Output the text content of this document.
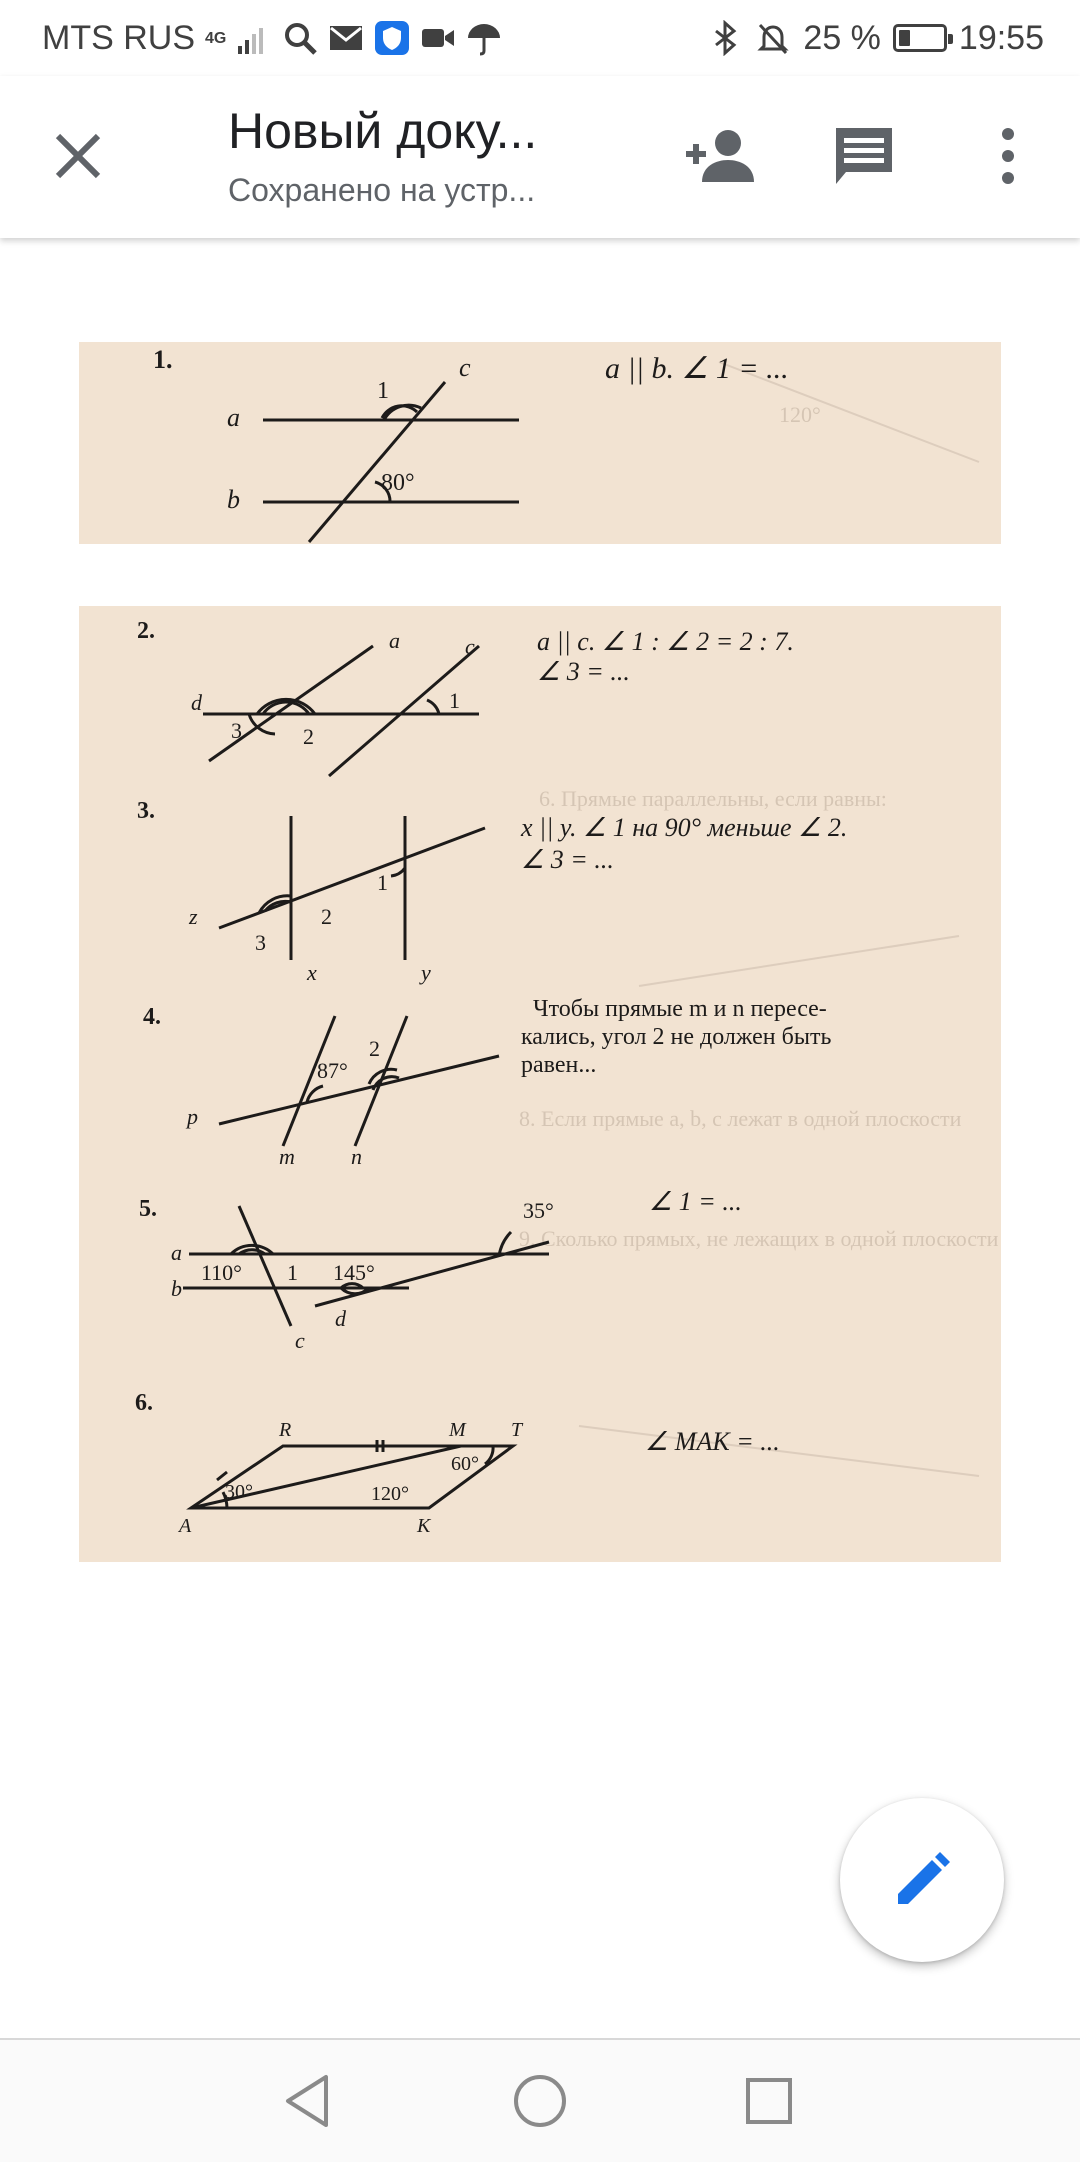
MTS RUS 4G	25 % 19:55
Новый доку...
Сохранено на устр...
120°
1.
a
b
c
1
80°
a || b. ∠ 1 = ...
6. Прямые параллельны, если равны:
8. Если прямые a, b, c лежат в одной плоскости
9. Сколько прямых, не лежащих в одной плоскости
2.
d
a	c
1
2
3
a || c. ∠ 1 : ∠ 2 = 2 : 7.
∠ 3 = ...
3.
z
x	y
1
2
3
x || y. ∠ 1 на 90° меньше ∠ 2.
∠ 3 = ...
4.
p
m	n
2
87°
Чтобы прямые m и n пересе-
кались, угол 2 не должен быть
равен...
5.
a
b
c
d
1
110°	145°
35°	∠ 1 = ...
6.
A
R	M T
K
30°
60°
120°
∠ MAK = ...
